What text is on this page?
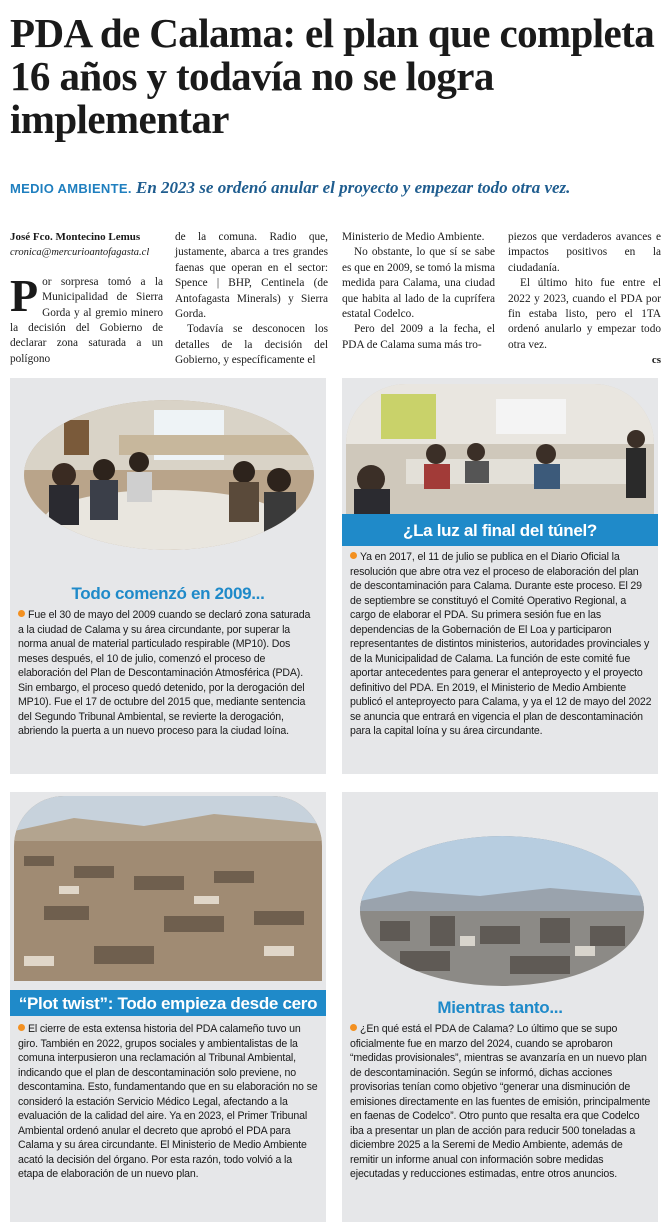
PDA de Calama: el plan que completa 16 años y todavía no se logra implementar
MEDIO AMBIENTE. En 2023 se ordenó anular el proyecto y empezar todo otra vez.
José Fco. Montecino Lemus
cronica@mercurioantofagasta.cl

Por sorpresa tomó a la Municipalidad de Sierra Gorda y al gremio minero la decisión del Gobierno de declarar zona saturada a un polígono

de la comuna. Radio que, justamente, abarca a tres grandes faenas que operan en el sector: Spence | BHP, Centinela (de Antofagasta Minerals) y Sierra Gorda.

Todavía se desconocen los detalles de la decisión del Gobierno, y específicamente el

Ministerio de Medio Ambiente.

No obstante, lo que sí se sabe es que en 2009, se tomó la misma medida para Calama, una ciudad que habita al lado de la cuprífera estatal Codelco.

Pero del 2009 a la fecha, el PDA de Calama suma más tro-

piezos que verdaderos avances e impactos positivos en la ciudadanía.

El último hito fue entre el 2022 y 2023, cuando el PDA por fin estaba listo, pero el 1TA ordenó anularlo y empezar todo otra vez.

cs
Todo comenzó en 2009...
Fue el 30 de mayo del 2009 cuando se declaró zona saturada a la ciudad de Calama y su área circundante, por superar la norma anual de material particulado respirable (MP10). Dos meses después, el 10 de julio, comenzó el proceso de elaboración del Plan de Descontaminación Atmosférica (PDA). Sin embargo, el proceso quedó detenido, por la derogación del MP10). Fue el 17 de octubre del 2015 que, mediante sentencia del Segundo Tribunal Ambiental, se revierte la derogación, abriendo la puerta a un nuevo proceso para la ciudad loína.
¿La luz al final del túnel?
Ya en 2017, el 11 de julio se publica en el Diario Oficial la resolución que abre otra vez el proceso de elaboración del plan de descontaminación para Calama. Durante este proceso. El 29 de septiembre se constituyó el Comité Operativo Regional, a cargo de elaborar el PDA. Su primera sesión fue en las dependencias de la Gobernación de El Loa y participaron representantes de distintos ministerios, autoridades provinciales y de la Municipalidad de Calama. La función de este comité fue aportar antecedentes para generar el anteproyecto y el proyecto definitivo del PDA. En 2019, el Ministerio de Medio Ambiente publicó el anteproyecto para Calama, y ya el 12 de mayo del 2022 se anuncia que entrará en vigencia el plan de descontaminación para la capital loína y su área circundante.
“Plot twist”: Todo empieza desde cero
El cierre de esta extensa historia del PDA calameño tuvo un giro. También en 2022, grupos sociales y ambientalistas de la comuna interpusieron una reclamación al Tribunal Ambiental, indicando que el plan de descontaminación solo previene, no descontamina. Esto, fundamentando que en su elaboración no se consideró la estación Servicio Médico Legal, afectando a la evaluación de la calidad del aire. Ya en 2023, el Primer Tribunal Ambiental ordenó anular el decreto que aprobó el PDA para Calama y su área circundante. El Ministerio de Medio Ambiente acató la decisión del órgano. Por esta razón, todo volvió a la etapa de elaboración de un nuevo plan.
Mientras tanto...
¿En qué está el PDA de Calama? Lo último que se supo oficialmente fue en marzo del 2024, cuando se aprobaron “medidas provisionales”, mientras se avanzaría en un nuevo plan de descontaminación. Según se informó, dichas acciones provisorias tenían como objetivo “generar una disminución de emisiones directamente en las fuentes de emisión, principalmente en faenas de Codelco”. Otro punto que resalta era que Codelco iba a presentar un plan de acción para reducir 500 toneladas a diciembre 2025 a la Seremi de Medio Ambiente, además de remitir un informe anual con información sobre medidas ejecutadas y reducciones estimadas, entre otros anuncios.
